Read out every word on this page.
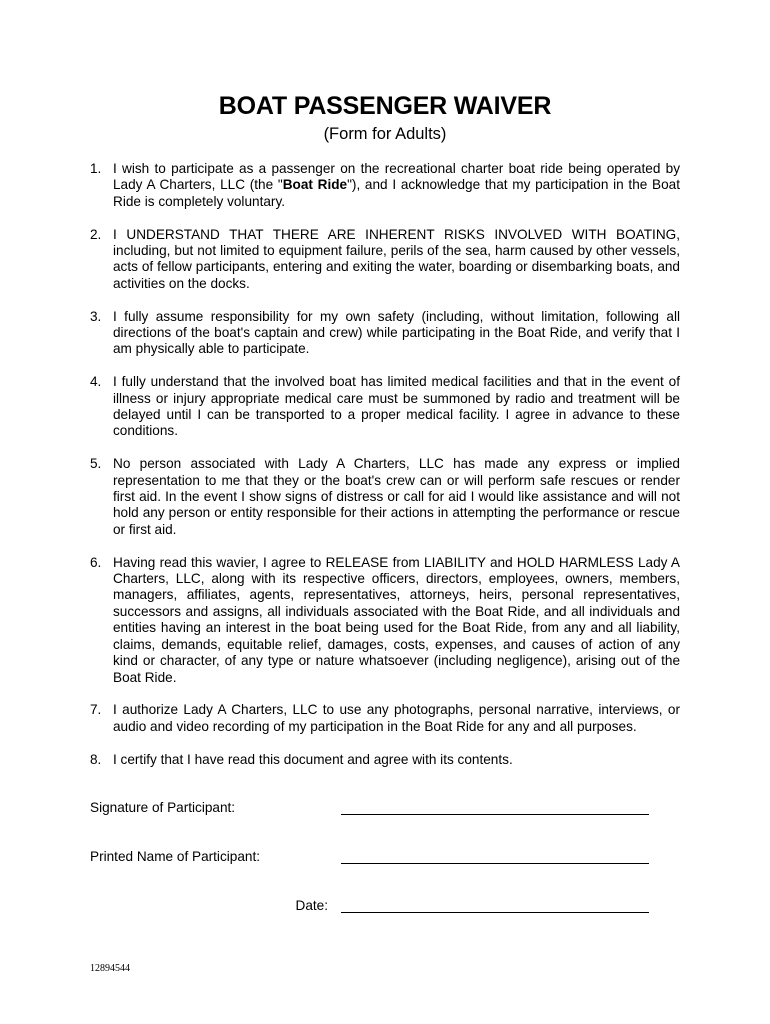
BOAT PASSENGER WAIVER
(Form for Adults)
1. I wish to participate as a passenger on the recreational charter boat ride being operated by Lady A Charters, LLC (the "Boat Ride"), and I acknowledge that my participation in the Boat Ride is completely voluntary.
2. I UNDERSTAND THAT THERE ARE INHERENT RISKS INVOLVED WITH BOATING, including, but not limited to equipment failure, perils of the sea, harm caused by other vessels, acts of fellow participants, entering and exiting the water, boarding or disembarking boats, and activities on the docks.
3. I fully assume responsibility for my own safety (including, without limitation, following all directions of the boat's captain and crew) while participating in the Boat Ride, and verify that I am physically able to participate.
4. I fully understand that the involved boat has limited medical facilities and that in the event of illness or injury appropriate medical care must be summoned by radio and treatment will be delayed until I can be transported to a proper medical facility. I agree in advance to these conditions.
5. No person associated with Lady A Charters, LLC has made any express or implied representation to me that they or the boat's crew can or will perform safe rescues or render first aid. In the event I show signs of distress or call for aid I would like assistance and will not hold any person or entity responsible for their actions in attempting the performance or rescue or first aid.
6. Having read this wavier, I agree to RELEASE from LIABILITY and HOLD HARMLESS Lady A Charters, LLC, along with its respective officers, directors, employees, owners, members, managers, affiliates, agents, representatives, attorneys, heirs, personal representatives, successors and assigns, all individuals associated with the Boat Ride, and all individuals and entities having an interest in the boat being used for the Boat Ride, from any and all liability, claims, demands, equitable relief, damages, costs, expenses, and causes of action of any kind or character, of any type or nature whatsoever (including negligence), arising out of the Boat Ride.
7. I authorize Lady A Charters, LLC to use any photographs, personal narrative, interviews, or audio and video recording of my participation in the Boat Ride for any and all purposes.
8. I certify that I have read this document and agree with its contents.
Signature of Participant:
Printed Name of Participant:
Date:
12894544
